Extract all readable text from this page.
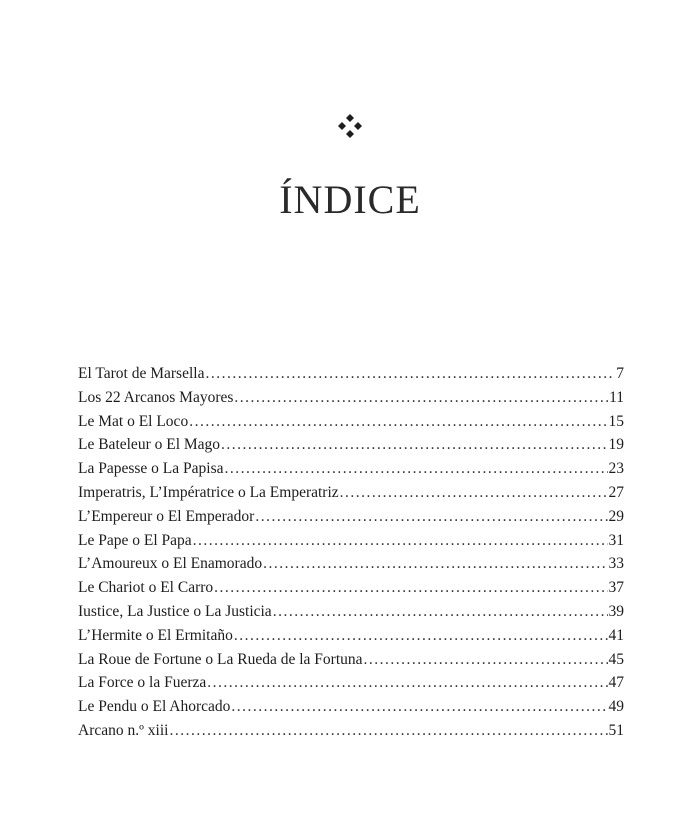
ÍNDICE
El Tarot de Marsella .....	7
Los 22 Arcanos Mayores .....	11
Le Mat o El Loco .....	15
Le Bateleur o El Mago .....	19
La Papesse o La Papisa .....	23
Imperatris, L’Impératrice o La Emperatriz .....	27
L’Empereur o El Emperador .....	29
Le Pape o El Papa .....	31
L’Amoureux o El Enamorado .....	33
Le Chariot o El Carro .....	37
Iustice, La Justice o La Justicia .....	39
L’Hermite o El Ermitaño .....	41
La Roue de Fortune o La Rueda de la Fortuna .....	45
La Force o la Fuerza .....	47
Le Pendu o El Ahorcado .....	49
Arcano n.º xiii .....	51
